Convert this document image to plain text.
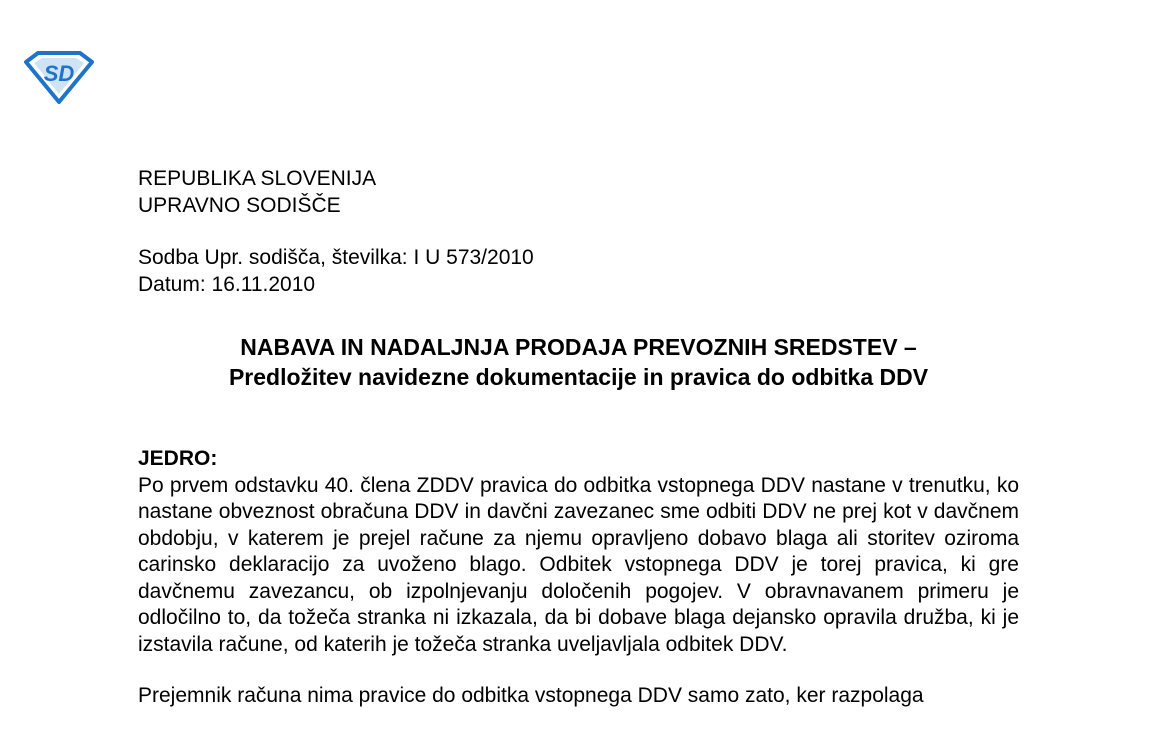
SD
REPUBLIKA SLOVENIJA
UPRAVNO SODIŠČE
Sodba Upr. sodišča, številka: I U 573/2010
Datum: 16.11.2010
NABAVA IN NADALJNJA PRODAJA PREVOZNIH SREDSTEV –
Predložitev navidezne dokumentacije in pravica do odbitka DDV
JEDRO:
Po prvem odstavku 40. člena ZDDV pravica do odbitka vstopnega DDV nastane v trenutku, ko nastane obveznost obračuna DDV in davčni zavezanec sme odbiti DDV ne prej kot v davčnem obdobju, v katerem je prejel račune za njemu opravljeno dobavo blaga ali storitev oziroma carinsko deklaracijo za uvoženo blago. Odbitek vstopnega DDV je torej pravica, ki gre davčnemu zavezancu, ob izpolnjevanju določenih pogojev. V obravnavanem primeru je odločilno to, da tožeča stranka ni izkazala, da bi dobave blaga dejansko opravila družba, ki je izstavila račune, od katerih je tožeča stranka uveljavljala odbitek DDV.
Prejemnik računa nima pravice do odbitka vstopnega DDV samo zato, ker razpolaga
